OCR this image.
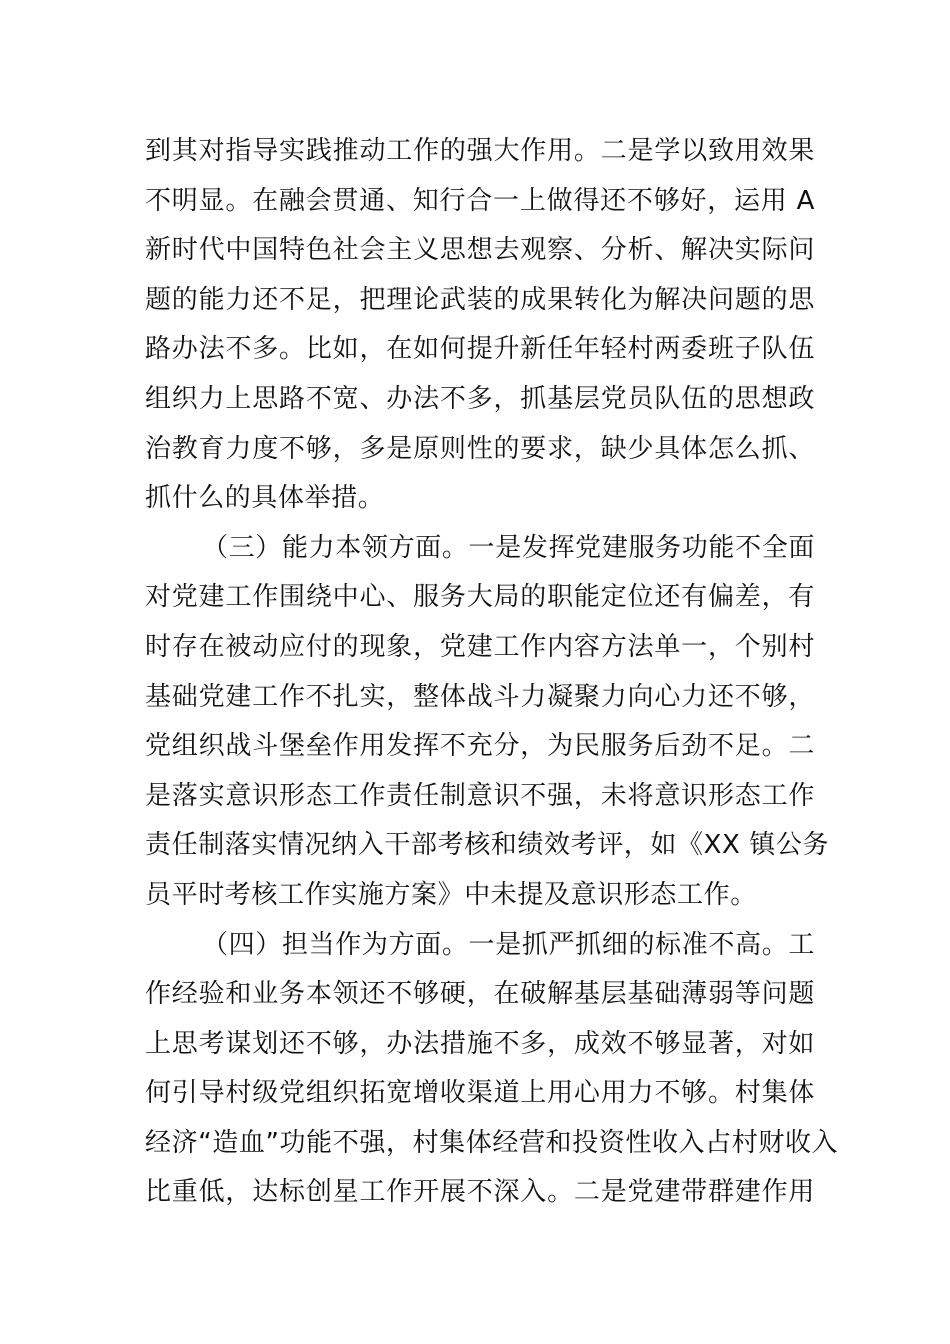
到其对指导实践推动工作的强大作用。二是学以致用效果
不明显。在融会贯通、知行合一上做得还不够好，运用 A
新时代中国特色社会主义思想去观察、分析、解决实际问
题的能力还不足，把理论武装的成果转化为解决问题的思
路办法不多。比如，在如何提升新任年轻村两委班子队伍
组织力上思路不宽、办法不多，抓基层党员队伍的思想政
治教育力度不够，多是原则性的要求，缺少具体怎么抓、
抓什么的具体举措。
（三）能力本领方面。一是发挥党建服务功能不全面
对党建工作围绕中心、服务大局的职能定位还有偏差，有
时存在被动应付的现象，党建工作内容方法单一，个别村
基础党建工作不扎实，整体战斗力凝聚力向心力还不够，
党组织战斗堡垒作用发挥不充分，为民服务后劲不足。二
是落实意识形态工作责任制意识不强，未将意识形态工作
责任制落实情况纳入干部考核和绩效考评，如《XX 镇公务
员平时考核工作实施方案》中未提及意识形态工作。
（四）担当作为方面。一是抓严抓细的标准不高。工
作经验和业务本领还不够硬，在破解基层基础薄弱等问题
上思考谋划还不够，办法措施不多，成效不够显著，对如
何引导村级党组织拓宽增收渠道上用心用力不够。村集体
经济“造血”功能不强，村集体经营和投资性收入占村财收入
比重低，达标创星工作开展不深入。二是党建带群建作用
